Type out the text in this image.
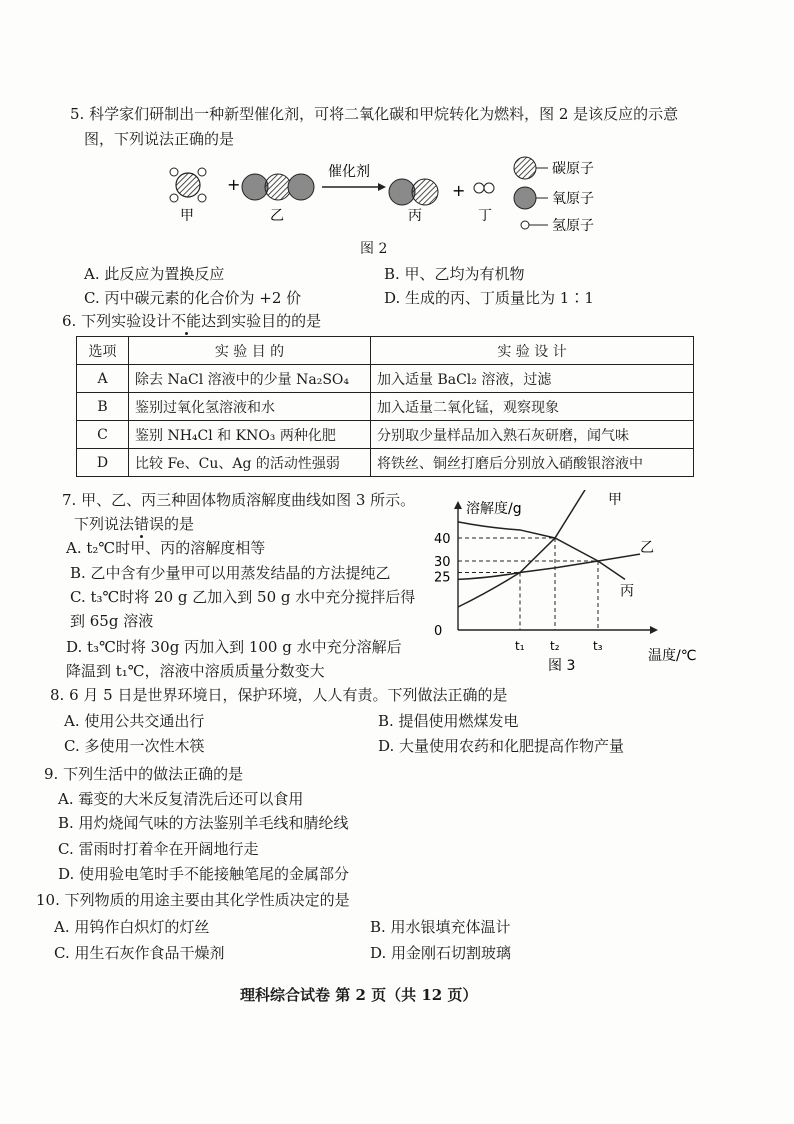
5. 科学家们研制出一种新型催化剂，可将二氧化碳和甲烷转化为燃料，图 2 是该反应的示意
图，下列说法正确的是
+
催化剂
+
碳原子
氧原子
氢原子
甲	乙	丙	丁
图 2
A. 此反应为置换反应	B. 甲、乙均为有机物
C. 丙中碳元素的化合价为 +2 价	D. 生成的丙、丁质量比为 1∶1
6. 下列实验设计不能达到实验目的的是
选项	实 验 目 的	实 验 设 计
A	除去 NaCl 溶液中的少量 Na₂SO₄	加入适量 BaCl₂ 溶液，过滤
B	鉴别过氧化氢溶液和水	加入适量二氧化锰，观察现象
C	鉴别 NH₄Cl 和 KNO₃ 两种化肥	分别取少量样品加入熟石灰研磨，闻气味
D	比较 Fe、Cu、Ag 的活动性强弱	将铁丝、铜丝打磨后分别放入硝酸银溶液中
7. 甲、乙、丙三种固体物质溶解度曲线如图 3 所示。
下列说法错误的是
A. t₂℃时甲、丙的溶解度相等
B. 乙中含有少量甲可以用蒸发结晶的方法提纯乙
C. t₃℃时将 20 g 乙加入到 50 g 水中充分搅拌后得
到 65g 溶液
D. t₃℃时将 30g 丙加入到 100 g 水中充分溶解后
降温到 t₁℃，溶液中溶质质量分数变大
溶解度/g
温度/℃
40
30
25
0
t₁ t₂	t₃
甲
乙
丙
图 3
8. 6 月 5 日是世界环境日，保护环境，人人有责。下列做法正确的是
A. 使用公共交通出行	B. 提倡使用燃煤发电
C. 多使用一次性木筷	D. 大量使用农药和化肥提高作物产量
9. 下列生活中的做法正确的是
A. 霉变的大米反复清洗后还可以食用
B. 用灼烧闻气味的方法鉴别羊毛线和腈纶线
C. 雷雨时打着伞在开阔地行走
D. 使用验电笔时手不能接触笔尾的金属部分
10. 下列物质的用途主要由其化学性质决定的是
A. 用钨作白炽灯的灯丝	B. 用水银填充体温计
C. 用生石灰作食品干燥剂	D. 用金刚石切割玻璃
理科综合试卷 第 2 页（共 12 页）
